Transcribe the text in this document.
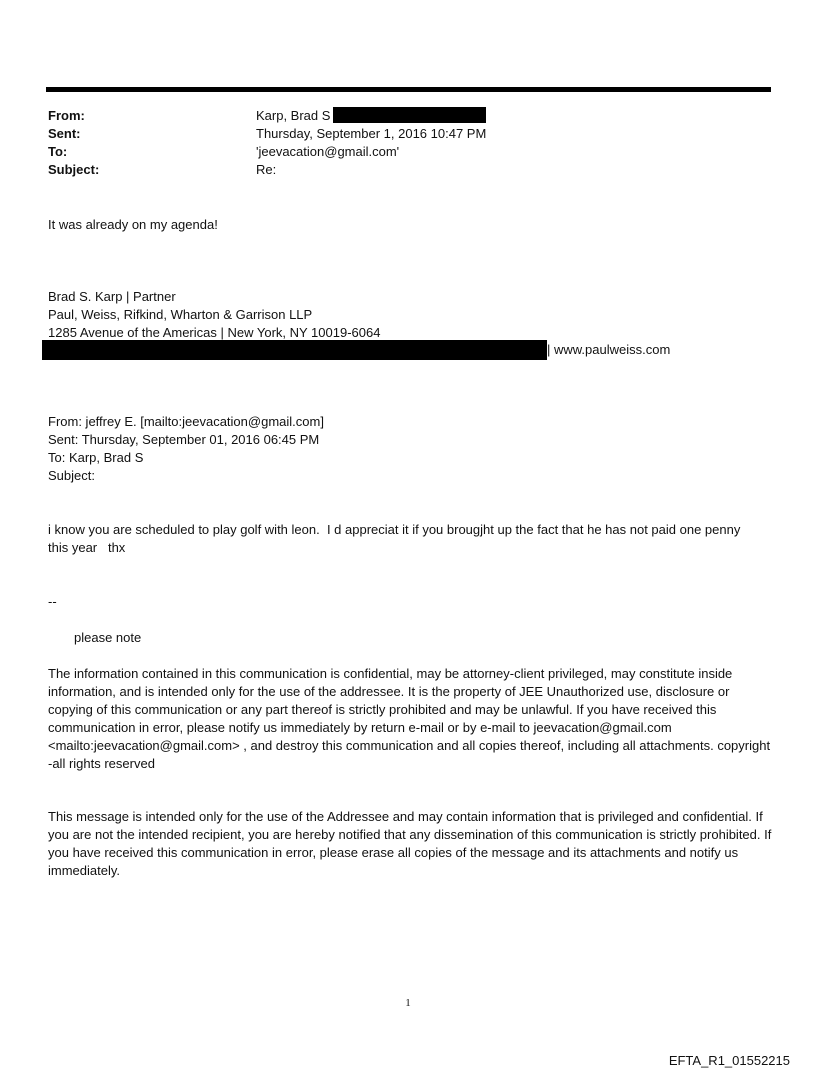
From:	Karp, Brad S
Sent:	Thursday, September 1, 2016 10:47 PM
To:	'jeevacation@gmail.com'
Subject:	Re:
It was already on my agenda!
Brad S. Karp | Partner
Paul, Weiss, Rifkind, Wharton & Garrison LLP
1285 Avenue of the Americas | New York, NY 10019-6064
| www.paulweiss.com
From: jeffrey E. [mailto:jeevacation@gmail.com]
Sent: Thursday, September 01, 2016 06:45 PM
To: Karp, Brad S
Subject:
i know you are scheduled to play golf with leon.  I d appreciat it if you brougjht up the fact that he has not paid one penny this year   thx
--
please note
The information contained in this communication is confidential, may be attorney-client privileged, may constitute inside information, and is intended only for the use of the addressee. It is the property of JEE Unauthorized use, disclosure or copying of this communication or any part thereof is strictly prohibited and may be unlawful. If you have received this communication in error, please notify us immediately by return e-mail or by e-mail to jeevacation@gmail.com <mailto:jeevacation@gmail.com> , and destroy this communication and all copies thereof, including all attachments. copyright -all rights reserved
This message is intended only for the use of the Addressee and may contain information that is privileged and confidential. If you are not the intended recipient, you are hereby notified that any dissemination of this communication is strictly prohibited. If you have received this communication in error, please erase all copies of the message and its attachments and notify us immediately.
1
EFTA_R1_01552215
